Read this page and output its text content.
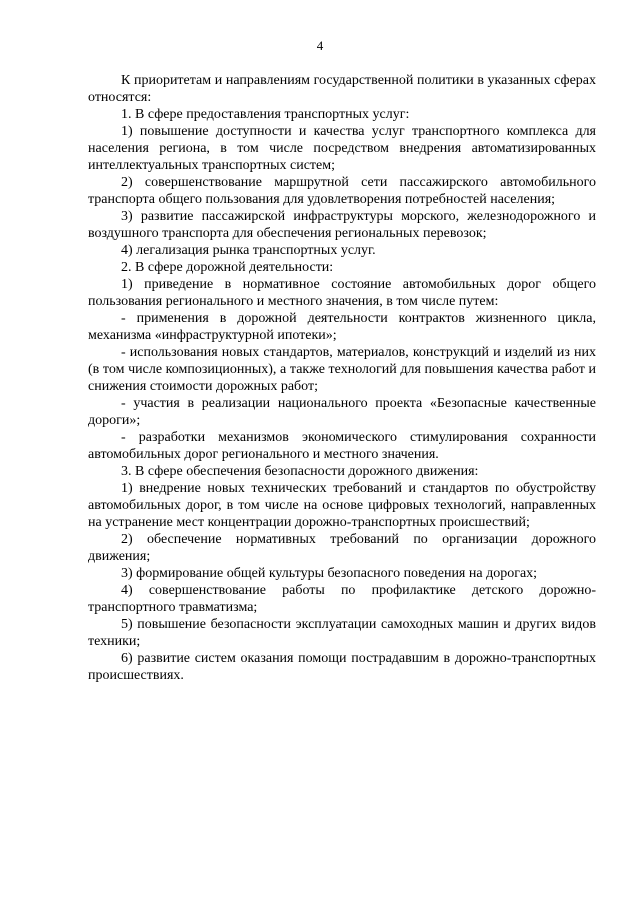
4

К приоритетам и направлениям государственной политики в указанных сферах относятся:

1. В сфере предоставления транспортных услуг:

1) повышение доступности и качества услуг транспортного комплекса для населения региона, в том числе посредством внедрения автоматизированных интеллектуальных транспортных систем;

2) совершенствование маршрутной сети пассажирского автомобильного транспорта общего пользования для удовлетворения потребностей населения;

3) развитие пассажирской инфраструктуры морского, железнодорожного и воздушного транспорта для обеспечения региональных перевозок;

4) легализация рынка транспортных услуг.

2. В сфере дорожной деятельности:

1) приведение в нормативное состояние автомобильных дорог общего пользования регионального и местного значения, в том числе путем:

- применения в дорожной деятельности контрактов жизненного цикла, механизма «инфраструктурной ипотеки»;

- использования новых стандартов, материалов, конструкций и изделий из них (в том числе композиционных), а также технологий для повышения качества работ и снижения стоимости дорожных работ;

- участия в реализации национального проекта «Безопасные качественные дороги»;

- разработки механизмов экономического стимулирования сохранности автомобильных дорог регионального и местного значения.

3. В сфере обеспечения безопасности дорожного движения:

1) внедрение новых технических требований и стандартов по обустройству автомобильных дорог, в том числе на основе цифровых технологий, направленных на устранение мест концентрации дорожно-транспортных происшествий;

2) обеспечение нормативных требований по организации дорожного движения;

3) формирование общей культуры безопасного поведения на дорогах;

4) совершенствование работы по профилактике детского дорожно-транспортного травматизма;

5) повышение безопасности эксплуатации самоходных машин и других видов техники;

6) развитие систем оказания помощи пострадавшим в дорожно-транспортных происшествиях.
